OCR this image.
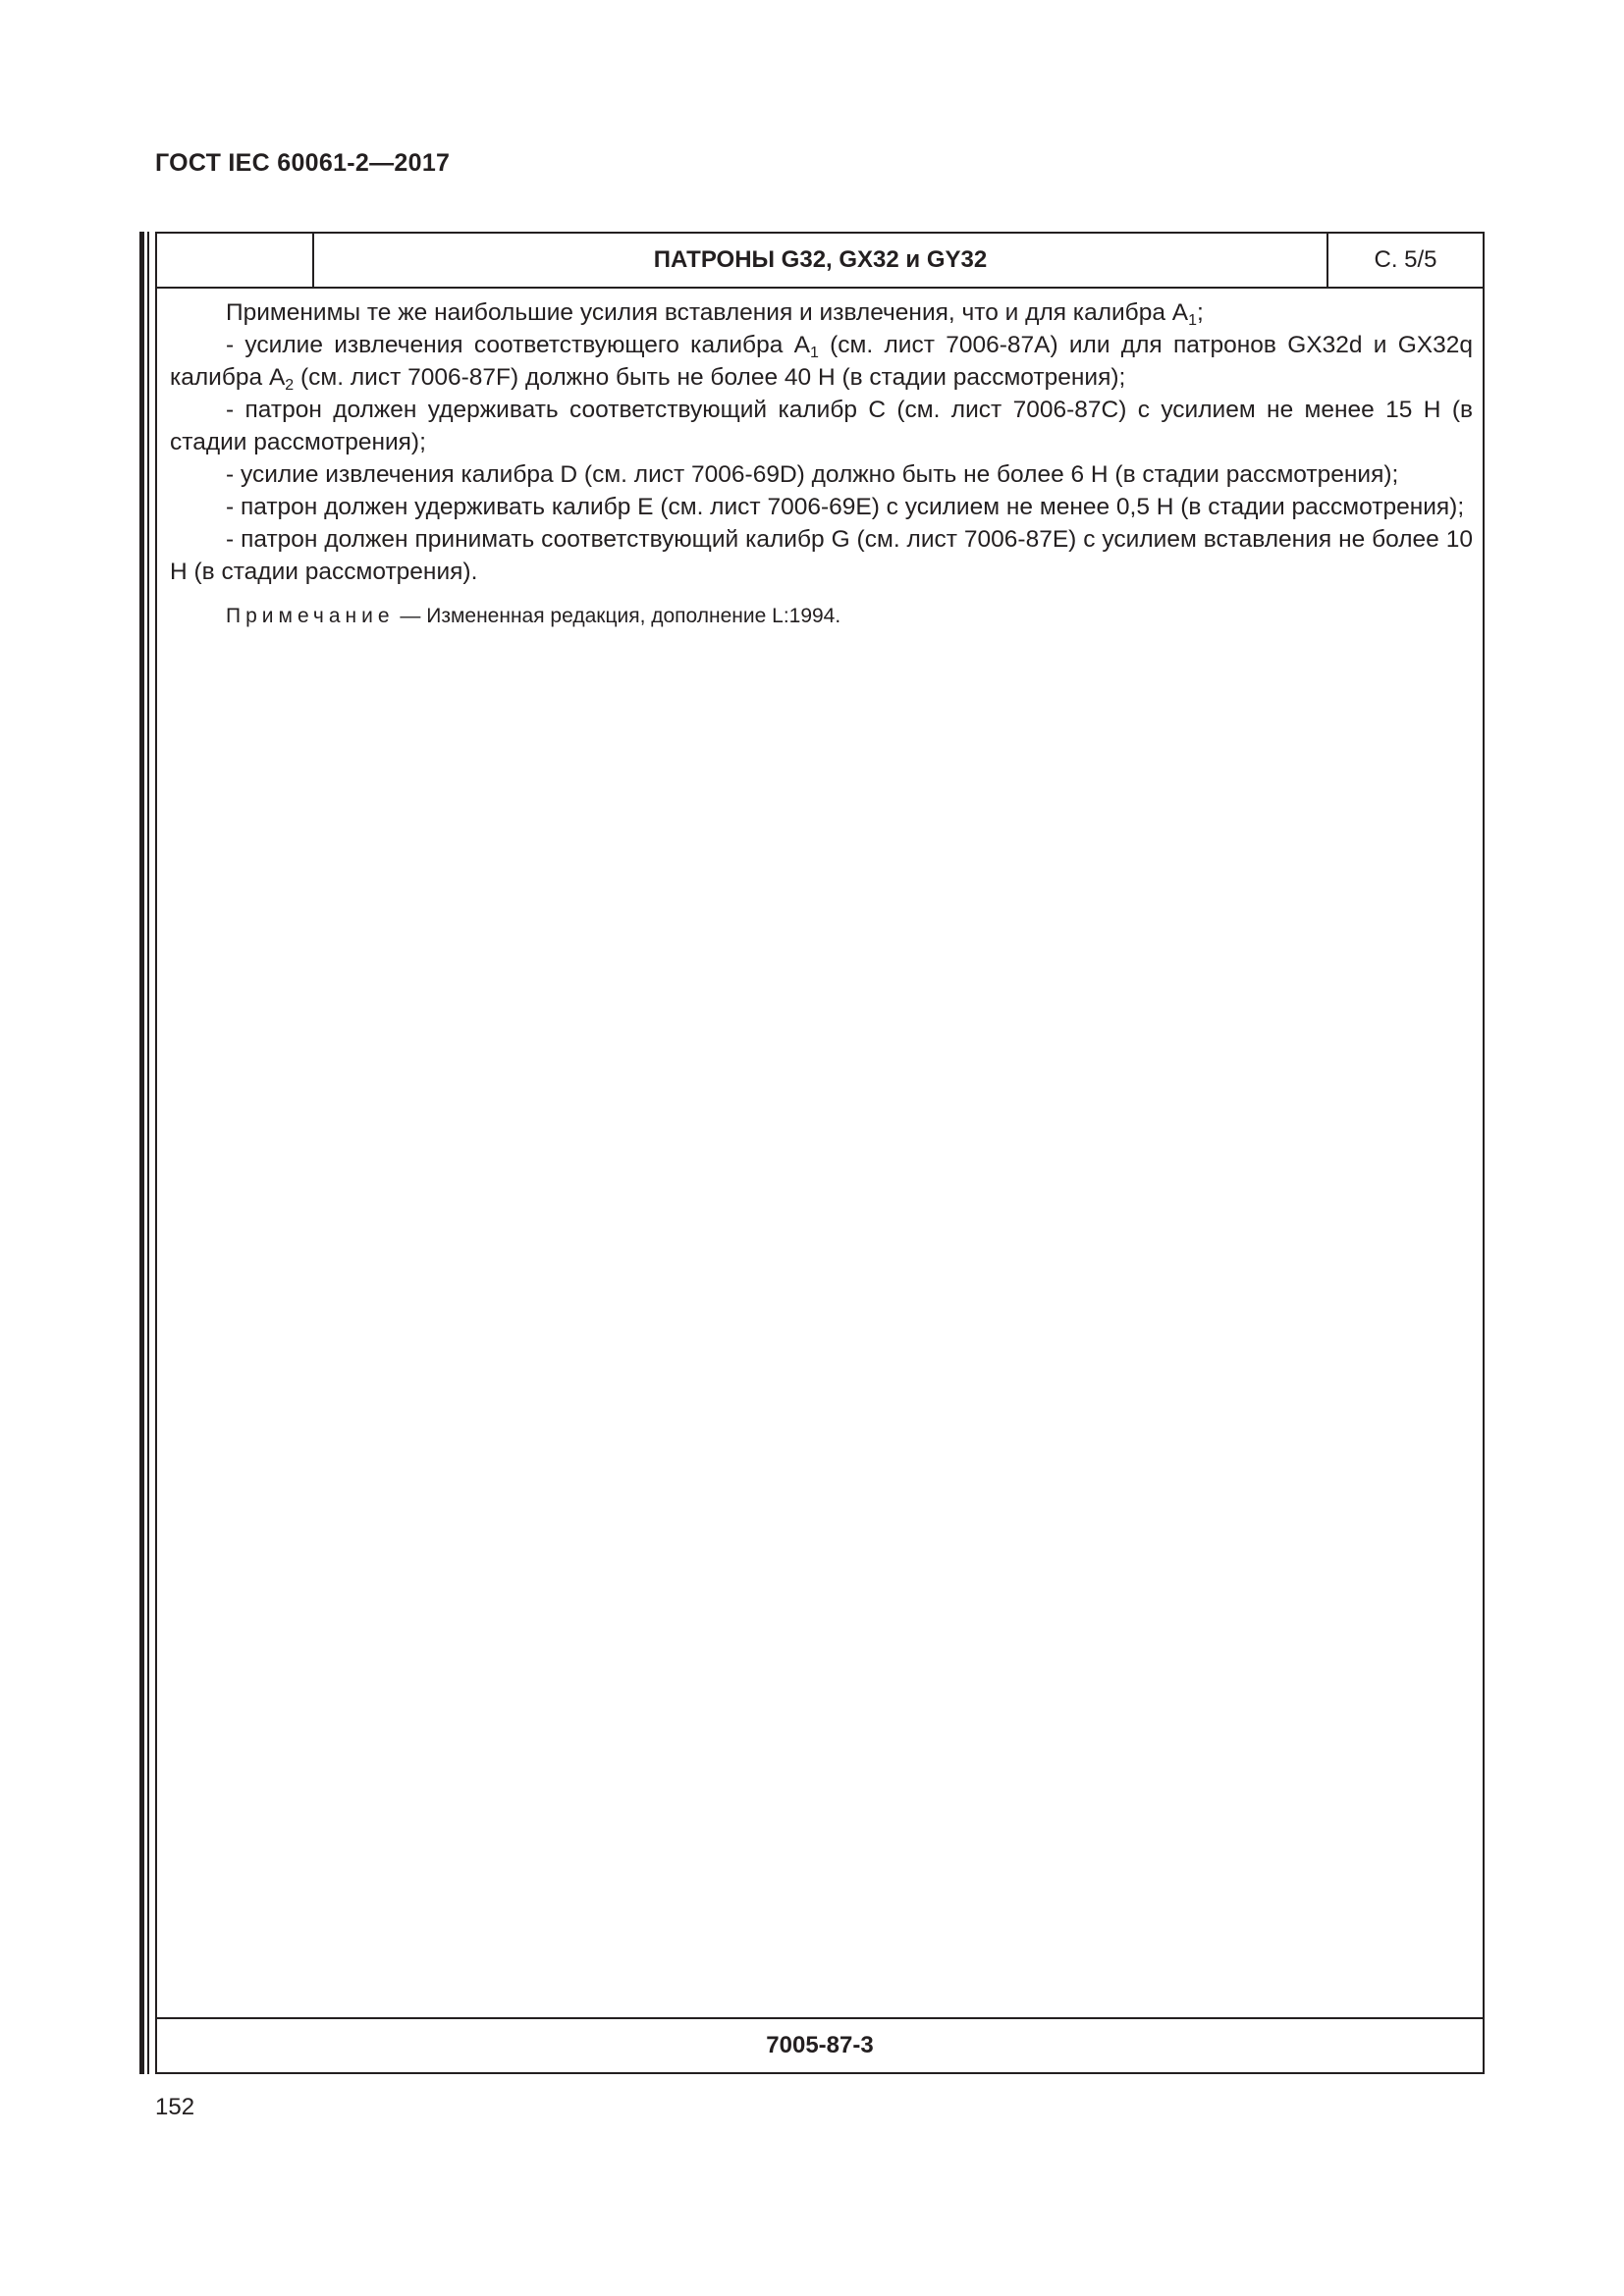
ГОСТ IEC 60061-2—2017
ПАТРОНЫ G32, GX32 и GY32	С. 5/5

Применимы те же наибольшие усилия вставления и извлечения, что и для калибра $А_1$;

- усилие извлечения соответствующего калибра $А_1$ (см. лист 7006-87А) или для патронов GX32d и GX32q калибра $А_2$ (см. лист 7006-87F) должно быть не более 40 Н (в стадии рассмотрения);

- патрон должен удерживать соответствующий калибр С (см. лист 7006-87С) с усилием не менее 15 Н (в стадии рассмотрения);

- усилие извлечения калибра D (см. лист 7006-69D) должно быть не более 6 Н (в стадии рассмотрения);

- патрон должен удерживать калибр Е (см. лист 7006-69Е) с усилием не менее 0,5 Н (в стадии рассмотрения);

- патрон должен принимать соответствующий калибр G (см. лист 7006-87Е) с усилием вставления не более 10 Н (в стадии рассмотрения).

Примечание — Измененная редакция, дополнение L:1994.

7005-87-3
152
